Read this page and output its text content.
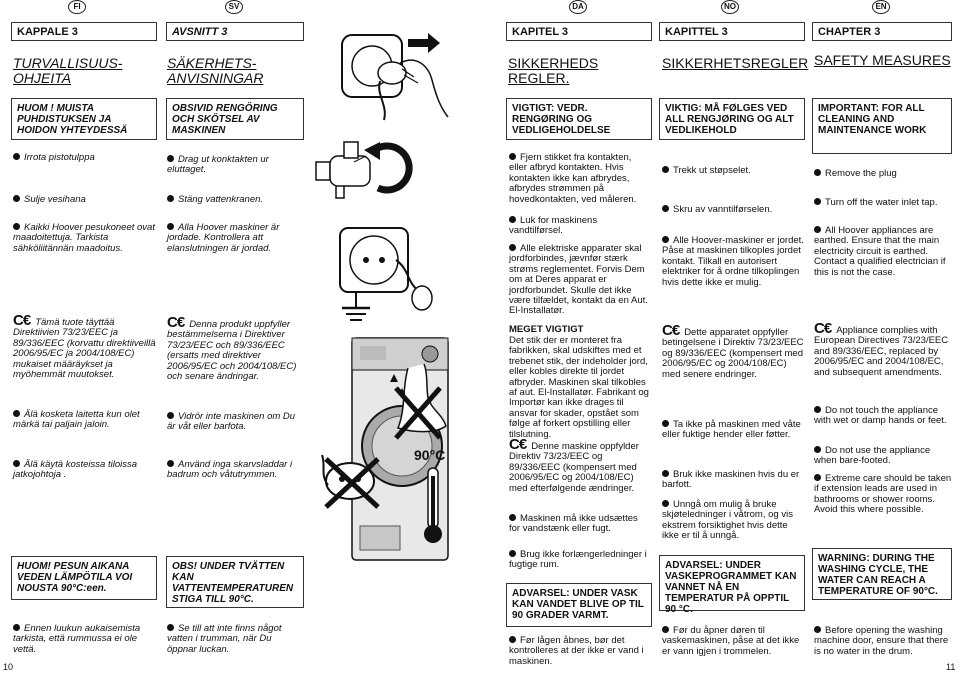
FI
KAPPALE 3
TURVALLISUUS-OHJEITA
HUOM ! MUISTA PUHDISTUKSEN JA HOIDON YHTEYDESSÄ
Irrota pistotulppa
Sulje vesihana
Kaikki Hoover pesukoneet ovat maadoitettuja. Tarkista sähköliitännän maadoitus.
C€ Tämä tuote täyttää Direktiivien 73/23/EEC ja 89/336/EEC (korvattu direktiiveillä 2006/95/EC ja 2004/108/EC) mukaiset määräykset ja myöhemmät muutokset.
Älä kosketa laitetta kun olet märkä tai paljain jaloin.
Älä käytä kosteissa tiloissa jatkojohtoja .
HUOM! PESUN AIKANA VEDEN LÄMPÖTILA VOI NOUSTA 90°C:een.
Ennen luukun aukaisemista tarkista, että rummussa ei ole vettä.
10
SV
AVSNITT 3
SÄKERHETS-ANVISNINGAR
OBSIVID RENGÖRING OCH SKÖTSEL AV MASKINEN
Drag ut konktakten ur eluttaget.
Stäng vattenkranen.
Alla Hoover maskiner är jordade. Kontrollera att elanslutningen är jordad.
C€ Denna produkt uppfyller bestämmelserna i Direktiver 73/23/EEC och 89/336/EEC (ersatts med direktiver 2006/95/EC och 2004/108/EC) och senare ändringar.
Vidrör inte maskinen om Du är våt eller barfota.
Använd inga skarvsladdar i badrum och våtutrymmen.
OBS! UNDER TVÄTTEN KAN VATTENTEMPERATUREN STIGA TILL 90°C.
Se till att inte finns något vatten i trumman, när Du öppnar luckan.
90°C
DA
KAPITEL 3
SIKKERHEDS REGLER.
VIGTIGT: VEDR. RENGØRING OG VEDLIGEHOLDELSE
Fjern stikket fra kontakten, eller afbryd kontakten. Hvis kontakten ikke kan afbrydes, afbrydes strømmen på hovedkontakten, ved måleren.
Luk for maskinens vandtilførsel.
Alle elektriske apparater skal jordforbindes, jævnfør stærk strøms reglementet. Forvis Dem om at Deres apparat er jordforbundet. Skulle det ikke være tilfældet, kontakt da en Aut. El-Installatør.
MEGET VIGTIGT
Det stik der er monteret fra fabrikken, skal udskiftes med et trebenet stik, der indeholder jord, eller kobles direkte til jordet afbryder. Maskinen skal tilkobles af aut. El-Installatør. Fabrikant og Importør kan ikke drages til ansvar for skader, opstået som følge af forkert opstilling eller tilslutning.
C€ Denne maskine oppfylder Direktiv 73/23/EEC og 89/336/EEC (kompensert med 2006/95/EC og 2004/108/EC) med efterfølgende ændringer.
Maskinen må ikke udsættes for vandstænk eller fugt.
Brug ikke forlængerledninger i fugtige rum.
ADVARSEL: UNDER VASK KAN VANDET BLIVE OP TIL 90 GRADER VARMT.
Før lågen åbnes, bør det kontrolleres at der ikke er vand i maskinen.
NO
KAPITTEL 3
SIKKERHETSREGLER
VIKTIG: MÅ FØLGES VED ALL RENGJØRING OG ALT VEDLIKEHOLD
Trekk ut støpselet.
Skru av vanntilførselen.
Alle Hoover-maskiner er jordet. Påse at maskinen tilkoples jordet kontakt. Tilkall en autorisert elektriker for å ordne tilkoplingen hvis dette ikke er mulig.
C€ Dette apparatet oppfyller betingelsene i Direktiv 73/23/EEC og 89/336/EEC (kompensert med 2006/95/EC og 2004/108/EC) med senere endringer.
Ta ikke på maskinen med våte eller fuktige hender eller føtter.
Bruk ikke maskinen hvis du er barfott.
Unngå om mulig å bruke skjøteledninger i våtrom, og vis ekstrem forsiktighet hvis dette ikke er til å unngå.
ADVARSEL: UNDER VASKEPROGRAMMET KAN VANNET NÅ EN TEMPERATUR PÅ OPPTIL 90 °C.
Før du åpner døren til vaskemaskinen, påse at det ikke er vann igjen i trommelen.
EN
CHAPTER 3
SAFETY MEASURES
IMPORTANT: FOR ALL CLEANING AND MAINTENANCE WORK
Remove the plug
Turn off the water inlet tap.
All Hoover appliances are earthed. Ensure that the main electricity circuit is earthed. Contact a qualified electrician if this is not the case.
C€ Appliance complies with European Directives 73/23/EEC and 89/336/EEC, replaced by 2006/95/EC and 2004/108/EC, and subsequent amendments.
Do not touch the appliance with wet or damp hands or feet.
Do not use the appliance when bare-footed.
Extreme care should be taken if extension leads are used in bathrooms or shower rooms. Avoid this where possible.
WARNING: DURING THE WASHING CYCLE, THE WATER CAN REACH A TEMPERATURE OF 90°C.
Before opening the washing machine door, ensure that there is no water in the drum.
11
